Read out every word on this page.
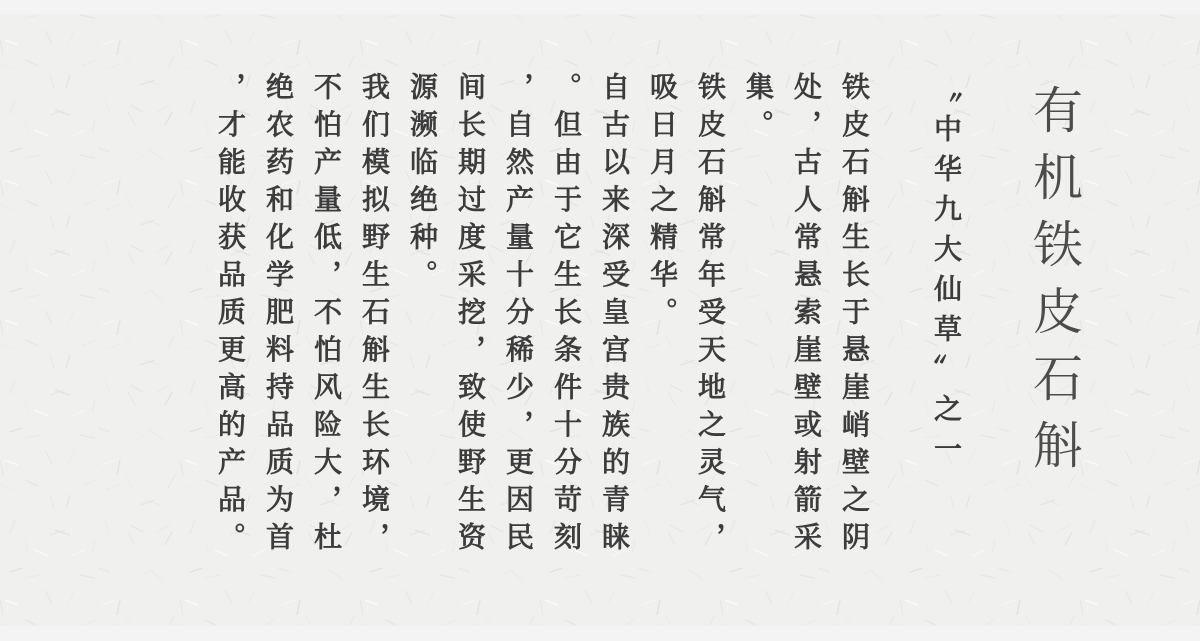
有机铁皮石斛
〝中华九大仙草〞之一
铁皮石斛生长于悬崖峭壁之阴
处，古人常悬索崖壁或射箭采
集。
铁皮石斛常年受天地之灵气，
吸日月之精华。
自古以来深受皇宫贵族的青睐
。但由于它生长条件十分苛刻
，自然产量十分稀少，更因民
间长期过度采挖，致使野生资
源濒临绝种。
我们模拟野生石斛生长环境，
不怕产量低，不怕风险大，杜
绝农药和化学肥料持品质为首
，才能收获品质更高的产品。
